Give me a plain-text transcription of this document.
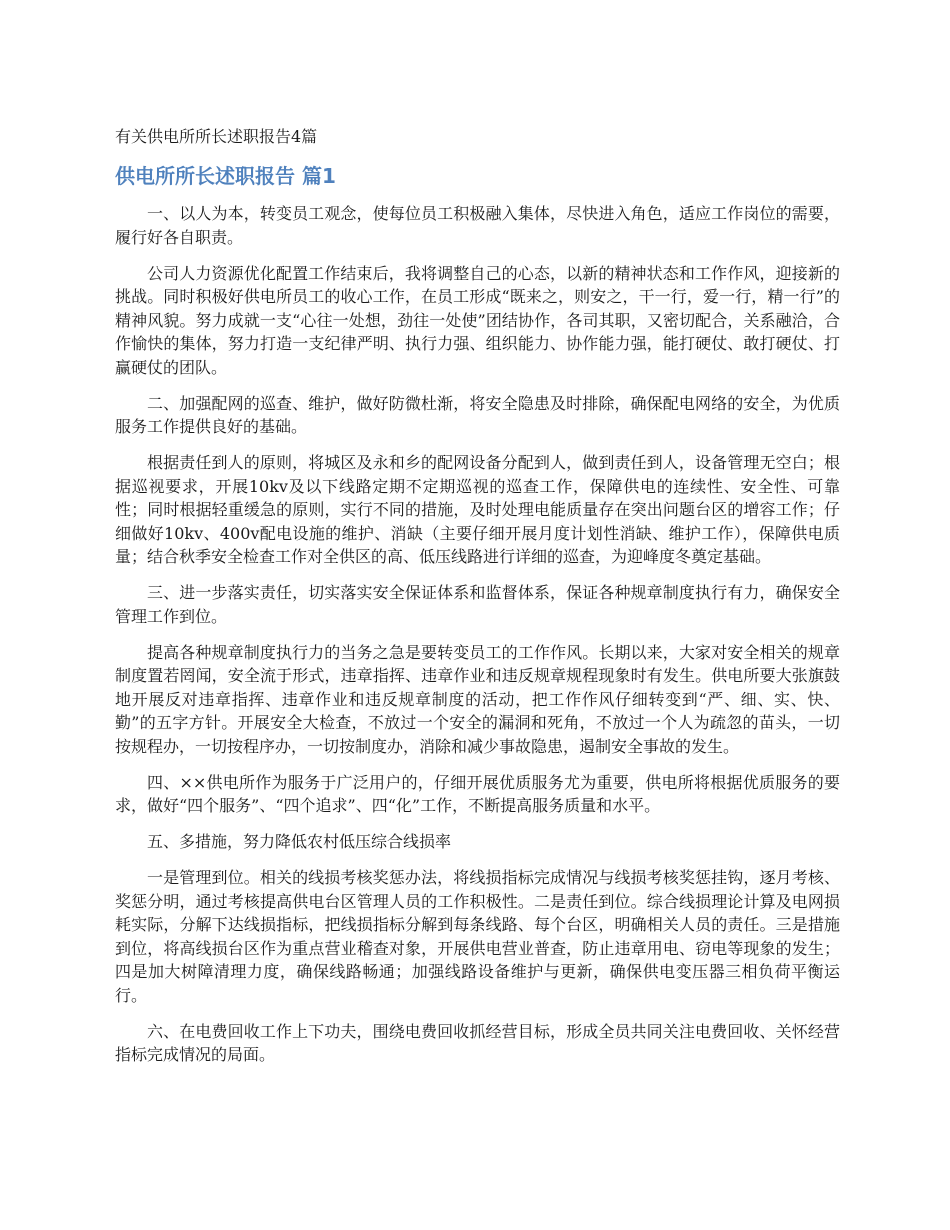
有关供电所所长述职报告4篇
供电所所长述职报告 篇1

一、以人为本，转变员工观念，使每位员工积极融入集体，尽快进入角色，适应工作岗位的需要，履行好各自职责。

公司人力资源优化配置工作结束后，我将调整自己的心态，以新的精神状态和工作作风，迎接新的挑战。同时积极好供电所员工的收心工作，在员工形成“既来之，则安之，干一行，爱一行，精一行”的精神风貌。努力成就一支“心往一处想，劲往一处使”团结协作，各司其职，又密切配合，关系融洽，合作愉快的集体，努力打造一支纪律严明、执行力强、组织能力、协作能力强，能打硬仗、敢打硬仗、打赢硬仗的团队。

二、加强配网的巡查、维护，做好防微杜渐，将安全隐患及时排除，确保配电网络的安全，为优质服务工作提供良好的基础。

根据责任到人的原则，将城区及永和乡的配网设备分配到人，做到责任到人，设备管理无空白；根据巡视要求，开展10kv及以下线路定期不定期巡视的巡查工作，保障供电的连续性、安全性、可靠性；同时根据轻重缓急的原则，实行不同的措施，及时处理电能质量存在突出问题台区的增容工作；仔细做好10kv、400v配电设施的维护、消缺（主要仔细开展月度计划性消缺、维护工作），保障供电质量；结合秋季安全检查工作对全供区的高、低压线路进行详细的巡查，为迎峰度冬奠定基础。

三、进一步落实责任，切实落实安全保证体系和监督体系，保证各种规章制度执行有力，确保安全管理工作到位。

提高各种规章制度执行力的当务之急是要转变员工的工作作风。长期以来，大家对安全相关的规章制度置若罔闻，安全流于形式，违章指挥、违章作业和违反规章规程现象时有发生。供电所要大张旗鼓地开展反对违章指挥、违章作业和违反规章制度的活动，把工作作风仔细转变到“严、细、实、快、勤”的五字方针。开展安全大检查，不放过一个安全的漏洞和死角，不放过一个人为疏忽的苗头，一切按规程办，一切按程序办，一切按制度办，消除和减少事故隐患，遏制安全事故的发生。

四、××供电所作为服务于广泛用户的，仔细开展优质服务尤为重要，供电所将根据优质服务的要求，做好“四个服务”、“四个追求”、四“化”工作，不断提高服务质量和水平。

五、多措施，努力降低农村低压综合线损率

一是管理到位。相关的线损考核奖惩办法，将线损指标完成情况与线损考核奖惩挂钩，逐月考核、奖惩分明，通过考核提高供电台区管理人员的工作积极性。二是责任到位。综合线损理论计算及电网损耗实际，分解下达线损指标，把线损指标分解到每条线路、每个台区，明确相关人员的责任。三是措施到位，将高线损台区作为重点营业稽查对象，开展供电营业普查，防止违章用电、窃电等现象的发生；四是加大树障清理力度，确保线路畅通；加强线路设备维护与更新，确保供电变压器三相负荷平衡运行。

六、在电费回收工作上下功夫，围绕电费回收抓经营目标，形成全员共同关注电费回收、关怀经营指标完成情况的局面。
